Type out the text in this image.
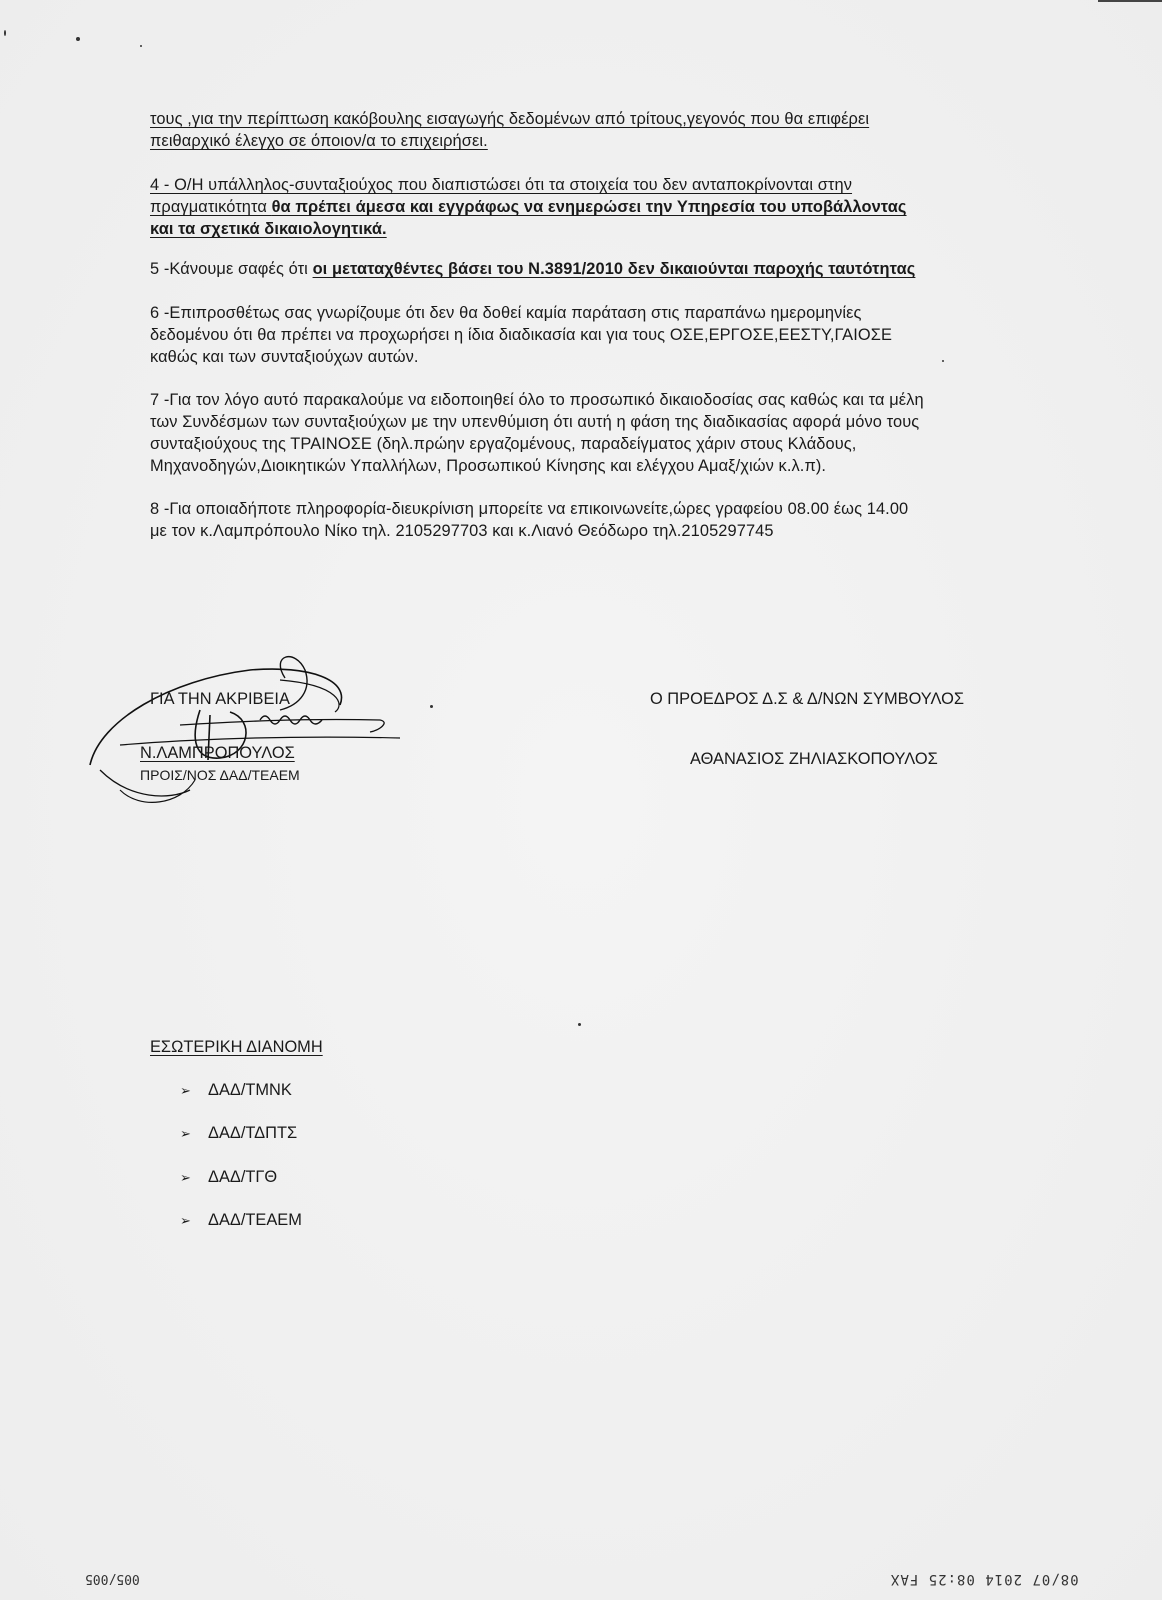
τους ,για την περίπτωση κακόβουλης εισαγωγής δεδομένων από τρίτους,γεγονός που θα επιφέρει

πειθαρχικό έλεγχο σε όποιον/α το επιχειρήσει.

4 - Ο/Η υπάλληλος-συνταξιούχος που διαπιστώσει ότι τα στοιχεία του δεν ανταποκρίνονται στην

πραγματικότητα θα πρέπει άμεσα και εγγράφως να ενημερώσει την Υπηρεσία του υποβάλλοντας

και τα σχετικά δικαιολογητικά.

5 -Κάνουμε σαφές ότι οι μεταταχθέντες βάσει του Ν.3891/2010 δεν δικαιούνται παροχής ταυτότητας

6 -Επιπροσθέτως σας γνωρίζουμε ότι δεν θα δοθεί καμία παράταση στις παραπάνω ημερομηνίες

δεδομένου ότι θα πρέπει να προχωρήσει η ίδια διαδικασία και για τους ΟΣΕ,ΕΡΓΟΣΕ,ΕΕΣΤΥ,ΓΑΙΟΣΕ

καθώς και των συνταξιούχων αυτών.

7 -Για τον λόγο αυτό παρακαλούμε να ειδοποιηθεί όλο το προσωπικό δικαιοδοσίας σας καθώς και τα μέλη

των Συνδέσμων των συνταξιούχων με την υπενθύμιση ότι αυτή η φάση της διαδικασίας αφορά μόνο τους

συνταξιούχους της ΤΡΑΙΝΟΣΕ (δηλ.πρώην εργαζομένους, παραδείγματος χάριν στους Κλάδους,

Μηχανοδηγών,Διοικητικών Υπαλλήλων, Προσωπικού Κίνησης και ελέγχου Αμαξ/χιών κ.λ.π).

8 -Για οποιαδήποτε πληροφορία-διευκρίνιση μπορείτε να επικοινωνείτε,ώρες γραφείου 08.00 έως 14.00

με τον κ.Λαμπρόπουλο Νίκο τηλ. 2105297703 και κ.Λιανό Θεόδωρο τηλ.2105297745

ΓΙΑ ΤΗΝ ΑΚΡΙΒΕΙΑ
Ν.ΛΑΜΠΡΟΠΟΥΛΟΣ
ΠΡΟΙΣ/ΝΟΣ ΔΑΔ/ΤΕΑΕΜ
Ο ΠΡΟΕΔΡΟΣ Δ.Σ & Δ/ΝΩΝ ΣΥΜΒΟΥΛΟΣ
ΑΘΑΝΑΣΙΟΣ ΖΗΛΙΑΣΚΟΠΟΥΛΟΣ
ΕΣΩΤΕΡΙΚΗ ΔΙΑΝΟΜΗ
➢ ΔΑΔ/ΤΜΝΚ
➢ ΔΑΔ/ΤΔΠΤΣ
➢ ΔΑΔ/ΤΓΘ
➢ ΔΑΔ/ΤΕΑΕΜ
005/005	08/07 2014 08:25 FAX
